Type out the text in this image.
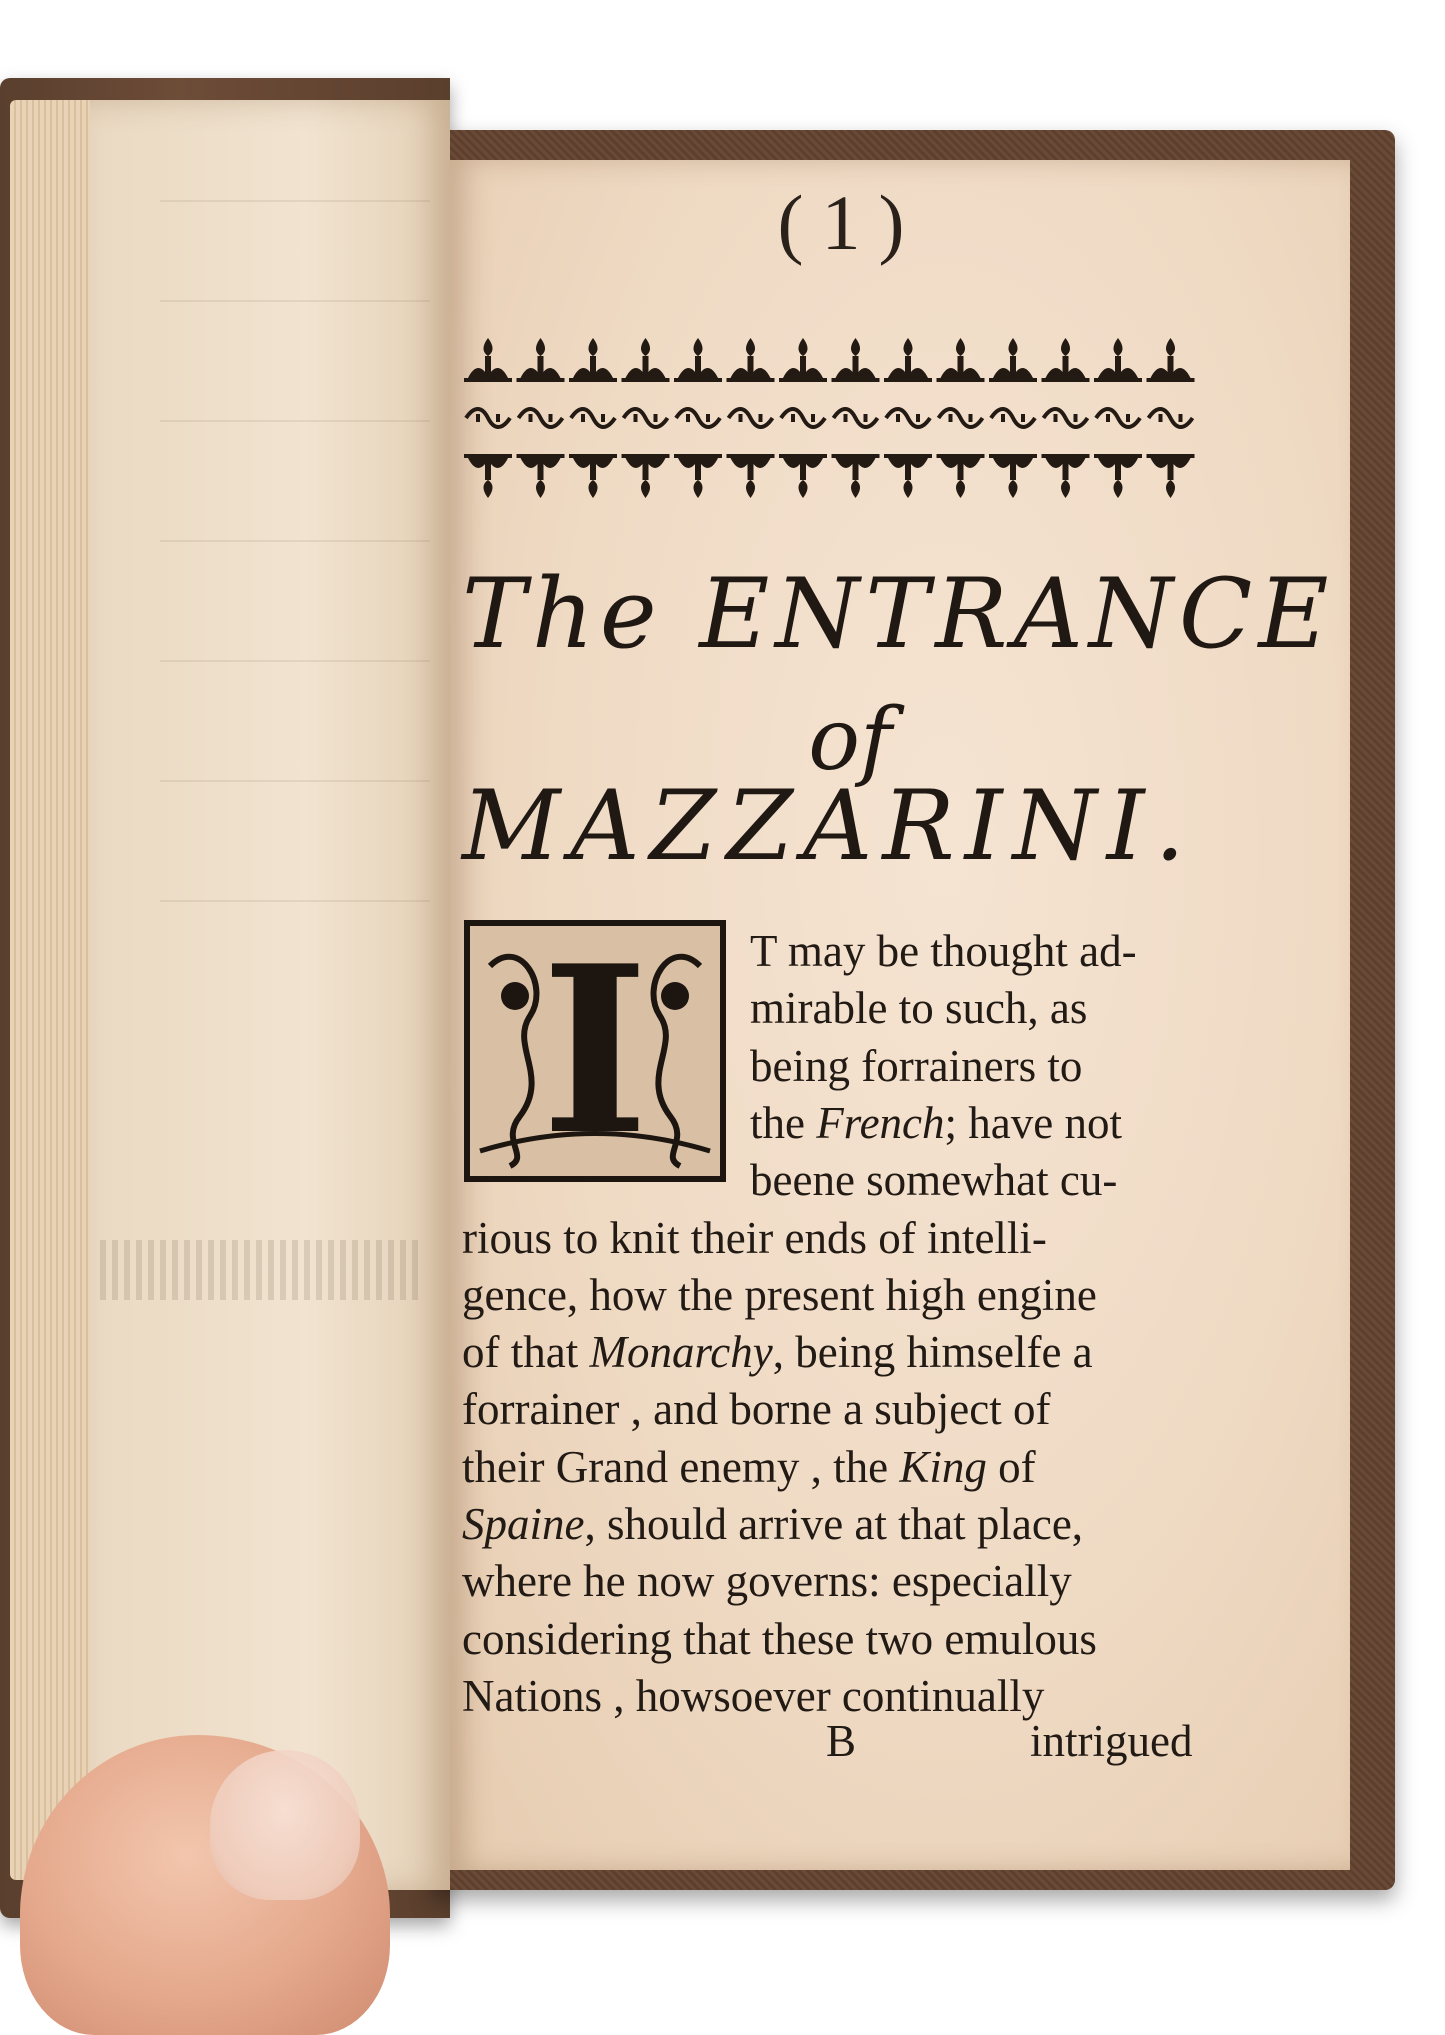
(1)
The ENTRANCE
of
MAZZARINI.
I	T may be thought ad-
mirable to such, as
being forrainers to
the French; have not
beene somewhat cu-
rious to knit their ends of intelli-
gence, how the present high engine
of that Monarchy, being himselfe a
forrainer , and borne a subject of
their Grand enemy , the King of
Spaine, should arrive at that place,
where he now governs: especially
considering that these two emulous
Nations , howsoever continually
B	intrigued
